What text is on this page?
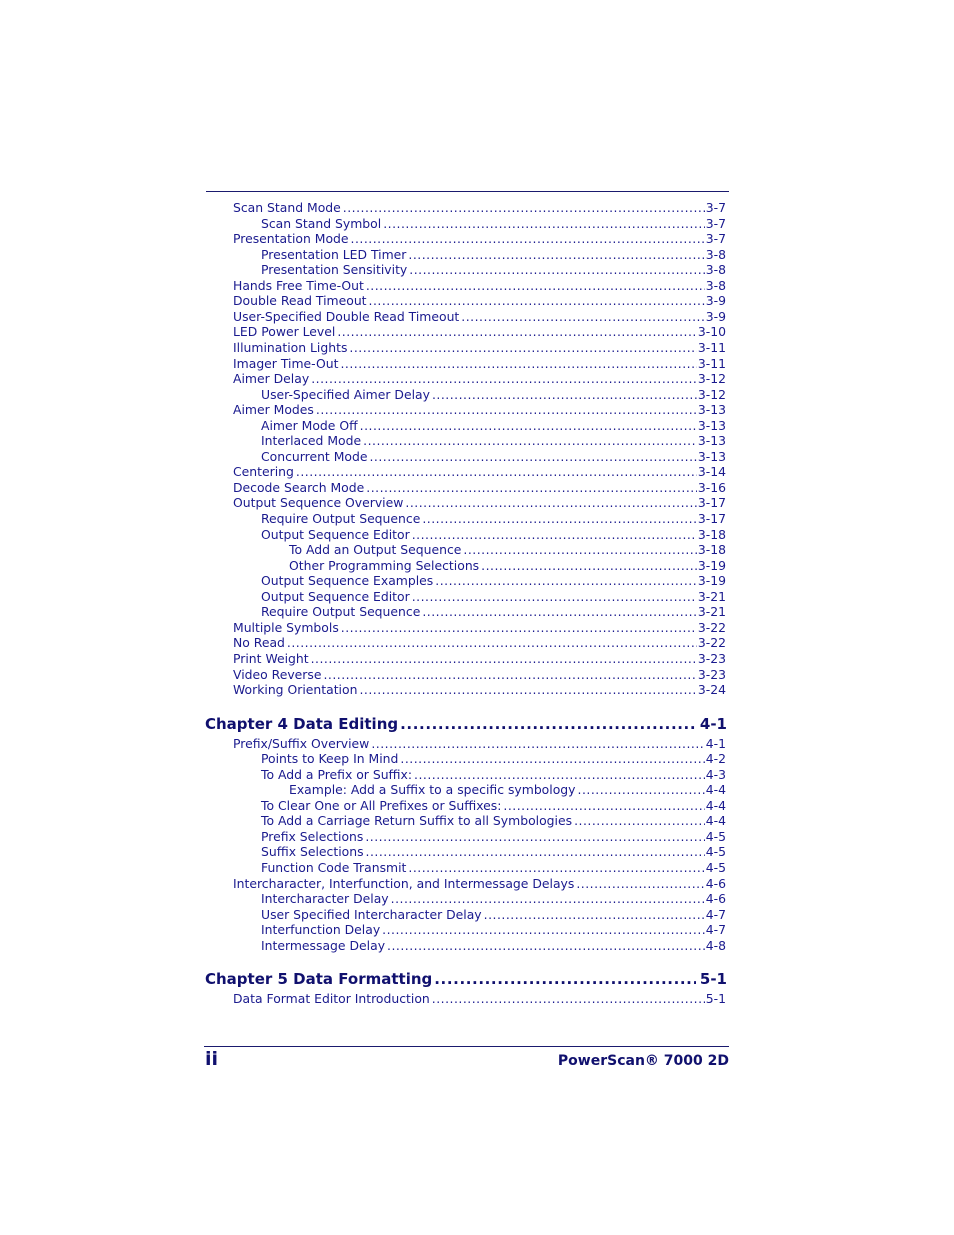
Scan Stand Mode .....	3-7
Scan Stand Symbol .....	3-7
Presentation Mode .....	3-7
Presentation LED Timer .....	3-8
Presentation Sensitivity .....	3-8
Hands Free Time-Out .....	3-8
Double Read Timeout .....	3-9
User-Specified Double Read Timeout .....	3-9
LED Power Level .....	3-10
Illumination Lights .....	3-11
Imager Time-Out .....	3-11
Aimer Delay .....	3-12
User-Specified Aimer Delay .....	3-12
Aimer Modes .....	3-13
Aimer Mode Off .....	3-13
Interlaced Mode .....	3-13
Concurrent Mode .....	3-13
Centering .....	3-14
Decode Search Mode .....	3-16
Output Sequence Overview .....	3-17
Require Output Sequence .....	3-17
Output Sequence Editor .....	3-18
To Add an Output Sequence .....	3-18
Other Programming Selections .....	3-19
Output Sequence Examples .....	3-19
Output Sequence Editor .....	3-21
Require Output Sequence .....	3-21
Multiple Symbols .....	3-22
No Read .....	3-22
Print Weight .....	3-23
Video Reverse .....	3-23
Working Orientation .....	3-24
Chapter 4 Data Editing .....	4-1
Prefix/Suffix Overview .....	4-1
Points to Keep In Mind .....	4-2
To Add a Prefix or Suffix: .....	4-3
Example: Add a Suffix to a specific symbology .....	4-4
To Clear One or All Prefixes or Suffixes: .....	4-4
To Add a Carriage Return Suffix to all Symbologies .....	4-4
Prefix Selections .....	4-5
Suffix Selections .....	4-5
Function Code Transmit .....	4-5
Intercharacter, Interfunction, and Intermessage Delays .....	4-6
Intercharacter Delay .....	4-6
User Specified Intercharacter Delay .....	4-7
Interfunction Delay .....	4-7
Intermessage Delay .....	4-8
Chapter 5 Data Formatting .....	5-1
Data Format Editor Introduction .....	5-1
ii	PowerScan® 7000 2D
